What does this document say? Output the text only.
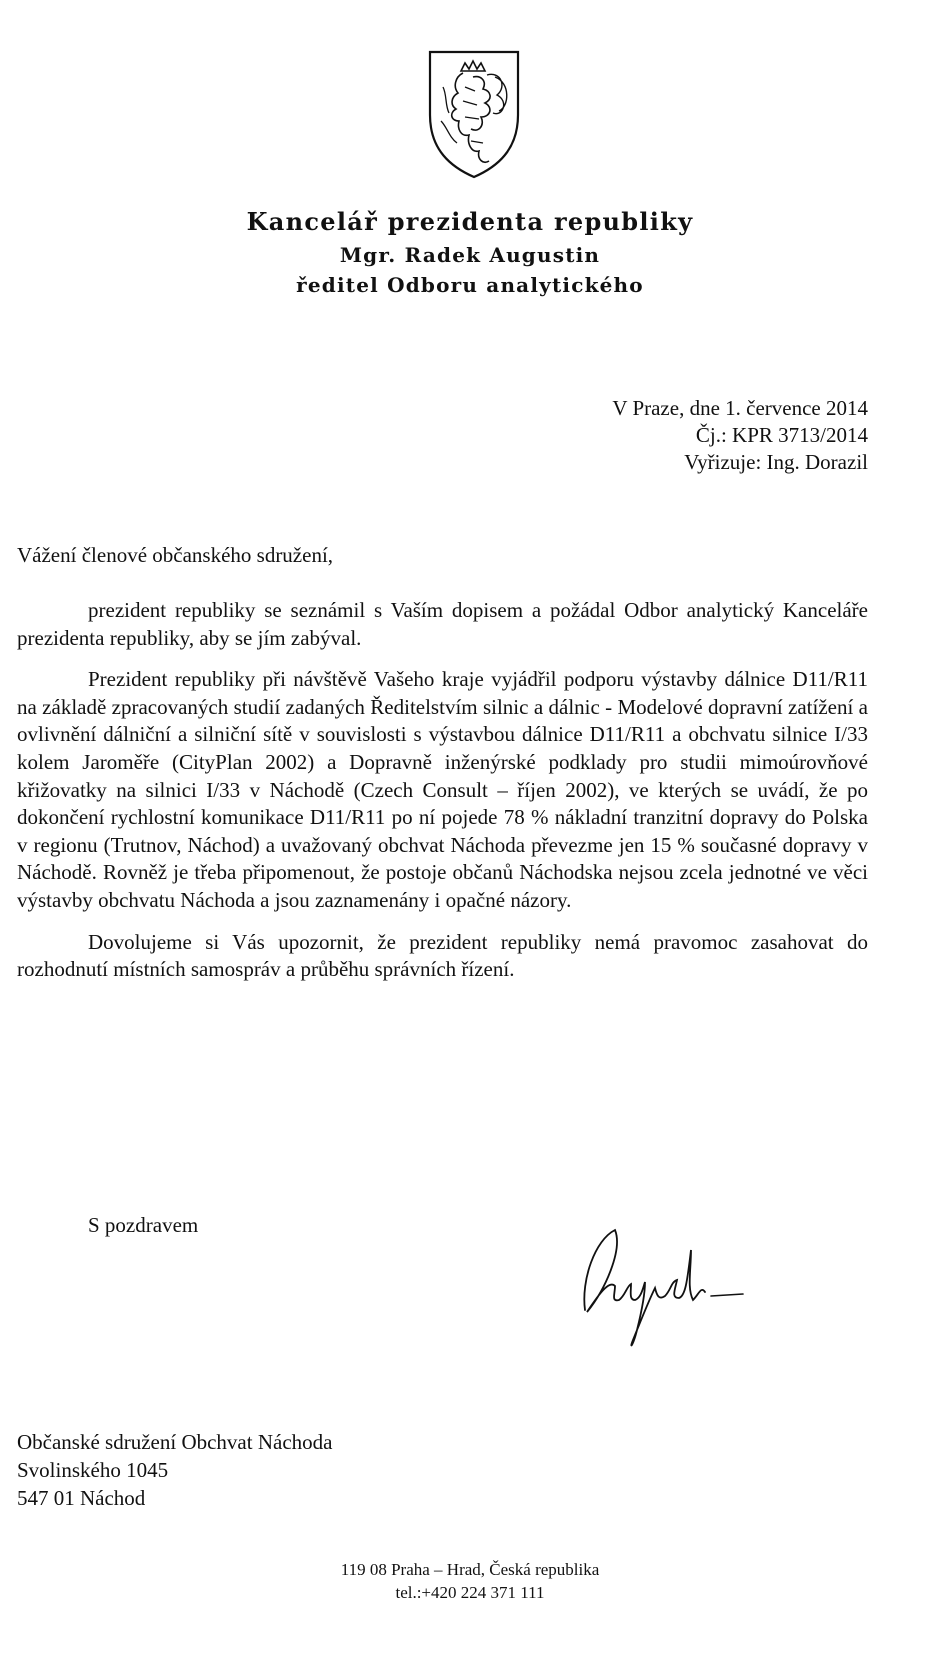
Kancelář prezidenta republiky
Mgr. Radek Augustin
ředitel Odboru analytického
V Praze, dne 1. července 2014
Čj.: KPR 3713/2014
Vyřizuje: Ing. Dorazil
Vážení členové občanského sdružení,

prezident republiky se seznámil s Vaším dopisem a požádal Odbor analytický Kanceláře prezidenta republiky, aby se jím zabýval.

Prezident republiky při návštěvě Vašeho kraje vyjádřil podporu výstavby dálnice D11/R11 na základě zpracovaných studií zadaných Ředitelstvím silnic a dálnic - Modelové dopravní zatížení a ovlivnění dálniční a silniční sítě v souvislosti s výstavbou dálnice D11/R11 a obchvatu silnice I/33 kolem Jaroměře (CityPlan 2002) a Dopravně inženýrské podklady pro studii mimoúrovňové křižovatky na silnici I/33 v Náchodě (Czech Consult – říjen 2002), ve kterých se uvádí, že po dokončení rychlostní komunikace D11/R11 po ní pojede 78 % nákladní tranzitní dopravy do Polska v regionu (Trutnov, Náchod) a uvažovaný obchvat Náchoda převezme jen 15 % současné dopravy v Náchodě. Rovněž je třeba připomenout, že postoje občanů Náchodska nejsou zcela jednotné ve věci výstavby obchvatu Náchoda a jsou zaznamenány i opačné názory.

Dovolujeme si Vás upozornit, že prezident republiky nemá pravomoc zasahovat do rozhodnutí místních samospráv a průběhu správních řízení.

S pozdravem
Občanské sdružení Obchvat Náchoda
Svolinského 1045
547 01 Náchod
119 08 Praha – Hrad, Česká republika
tel.:+420 224 371 111
